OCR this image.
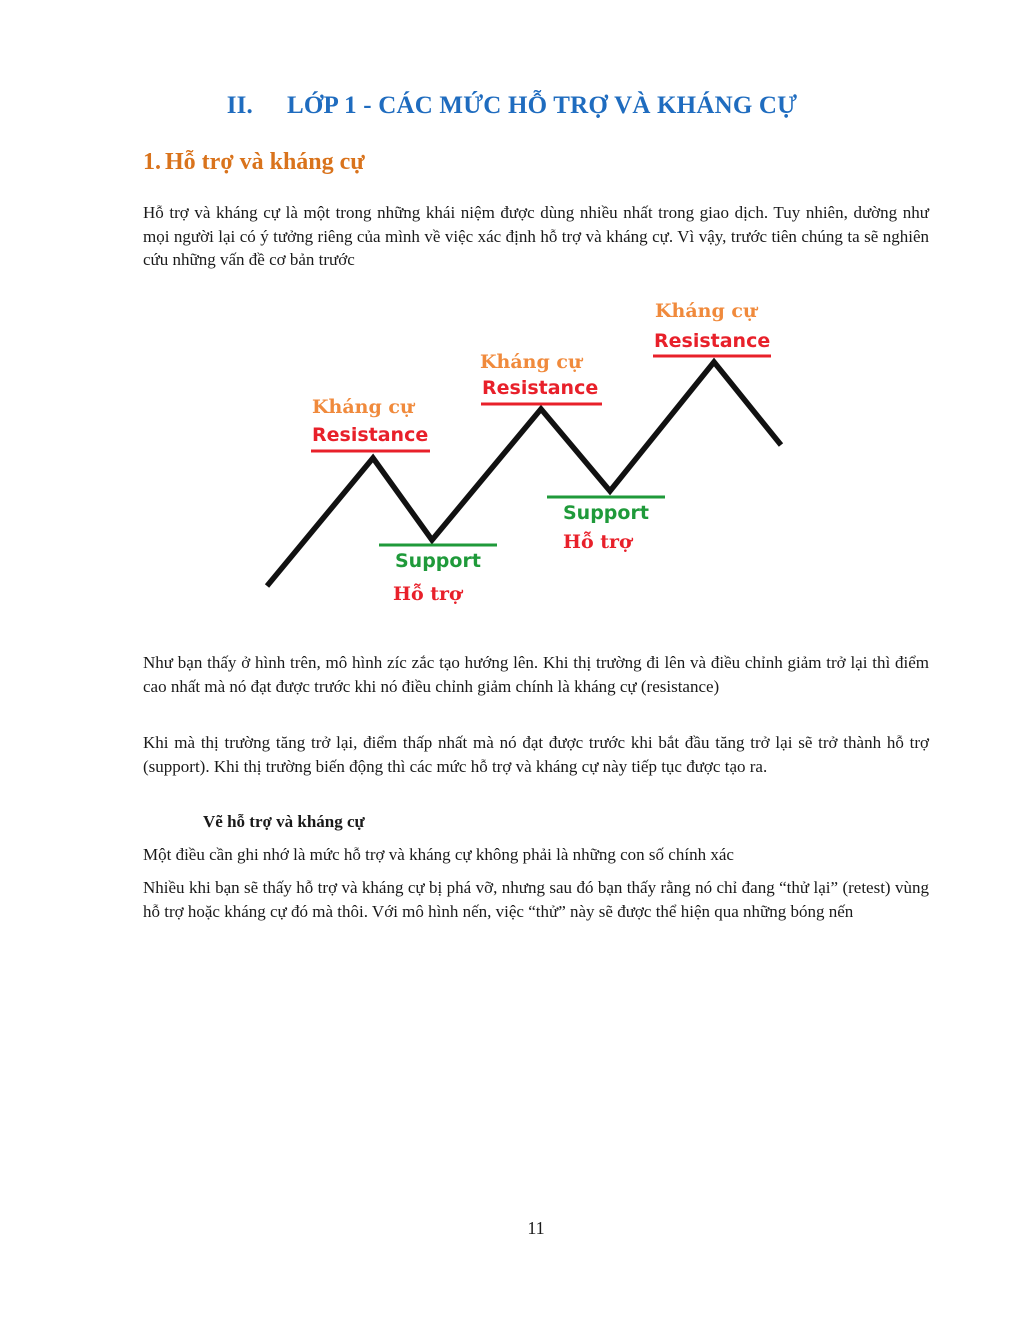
II. LỚP 1 - CÁC MỨC HỖ TRỢ VÀ KHÁNG CỰ
1. Hỗ trợ và kháng cự

Hỗ trợ và kháng cự là một trong những khái niệm được dùng nhiều nhất trong giao dịch. Tuy nhiên, dường như mọi người lại có ý tưởng riêng của mình về việc xác định hỗ trợ và kháng cự. Vì vậy, trước tiên chúng ta sẽ nghiên cứu những vấn đề cơ bản trước

Kháng cự
Resistance
Support
Hỗ trợ
Kháng cự
Resistance
Support
Hỗ trợ
Kháng cự
Resistance

Như bạn thấy ở hình trên, mô hình zíc zắc tạo hướng lên. Khi thị trường đi lên và điều chỉnh giảm trở lại thì điểm cao nhất mà nó đạt được trước khi nó điều chỉnh giảm chính là kháng cự (resistance)

Khi mà thị trường tăng trở lại, điểm thấp nhất mà nó đạt được trước khi bắt đầu tăng trở lại sẽ trở thành hỗ trợ (support). Khi thị trường biến động thì các mức hỗ trợ và kháng cự này tiếp tục được tạo ra.

Vẽ hỗ trợ và kháng cự

Một điều cần ghi nhớ là mức hỗ trợ và kháng cự không phải là những con số chính xác

Nhiều khi bạn sẽ thấy hỗ trợ và kháng cự bị phá vỡ, nhưng sau đó bạn thấy rằng nó chỉ đang “thử lại” (retest) vùng hỗ trợ hoặc kháng cự đó mà thôi. Với mô hình nến, việc “thử” này sẽ được thể hiện qua những bóng nến

11
